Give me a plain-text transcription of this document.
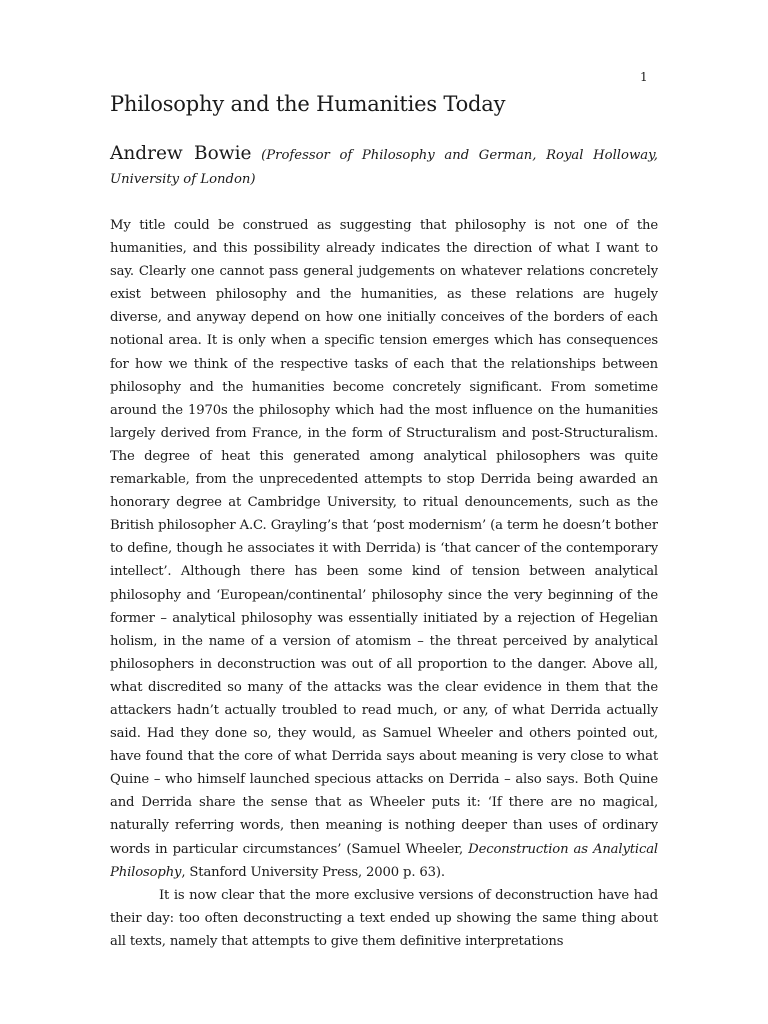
1
Philosophy and the Humanities Today

Andrew Bowie (Professor of Philosophy and German, Royal Holloway, University of London)

My title could be construed as suggesting that philosophy is not one of the humanities, and this possibility already indicates the direction of what I want to say. Clearly one cannot pass general judgements on whatever relations concretely exist between philosophy and the humanities, as these relations are hugely diverse, and anyway depend on how one initially conceives of the borders of each notional area. It is only when a specific tension emerges which has consequences for how we think of the respective tasks of each that the relationships between philosophy and the humanities become concretely significant. From sometime around the 1970s the philosophy which had the most influence on the humanities largely derived from France, in the form of Structuralism and post-Structuralism. The degree of heat this generated among analytical philosophers was quite remarkable, from the unprecedented attempts to stop Derrida being awarded an honorary degree at Cambridge University, to ritual denouncements, such as the British philosopher A.C. Grayling’s that ‘post modernism’ (a term he doesn’t bother to define, though he associates it with Derrida) is ‘that cancer of the contemporary intellect’. Although there has been some kind of tension between analytical philosophy and ‘European/continental’ philosophy since the very beginning of the former – analytical philosophy was essentially initiated by a rejection of Hegelian holism, in the name of a version of atomism – the threat perceived by analytical philosophers in deconstruction was out of all proportion to the danger. Above all, what discredited so many of the attacks was the clear evidence in them that the attackers hadn’t actually troubled to read much, or any, of what Derrida actually said. Had they done so, they would, as Samuel Wheeler and others pointed out, have found that the core of what Derrida says about meaning is very close to what Quine – who himself launched specious attacks on Derrida – also says. Both Quine and Derrida share the sense that as Wheeler puts it: ‘If there are no magical, naturally referring words, then meaning is nothing deeper than uses of ordinary words in particular circumstances’ (Samuel Wheeler, Deconstruction as Analytical Philosophy, Stanford University Press, 2000 p. 63).

It is now clear that the more exclusive versions of deconstruction have had their day: too often deconstructing a text ended up showing the same thing about all texts, namely that attempts to give them definitive interpretations
